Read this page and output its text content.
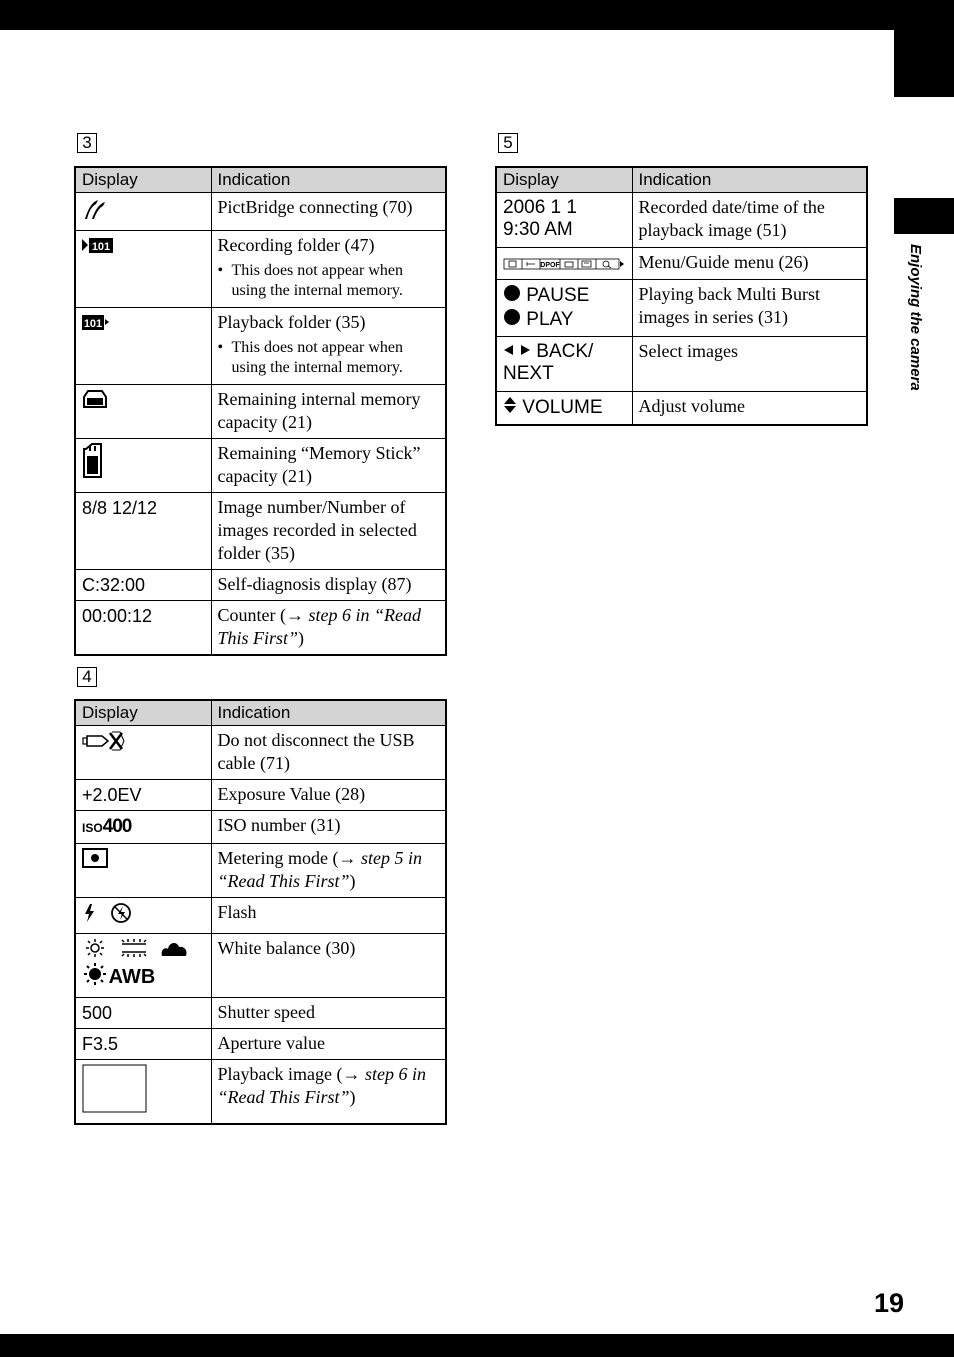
Enjoying the camera
19
3
Display	Indication
	PictBridge connecting (70)

101	Recording folder (47)
• This does not appear when using the internal memory.

101	Playback folder (35)
• This does not appear when using the internal memory.

	Remaining internal memory capacity (21)
	Remaining “Memory Stick” capacity (21)
8/8 12/12	Image number/Number of images recorded in selected folder (35)
C:32:00	Self-diagnosis display (87)
00:00:12	Counter (→ step 6 in “Read This First”)
4
Display	Indication
	Do not disconnect the USB cable (71)
+2.0EV	Exposure Value (28)
ISO400	ISO number (31)
	Metering mode (→ step 5 in “Read This First”)
	Flash

AWB	White balance (30)
500	Shutter speed
F3.5	Aperture value
	Playback image (→ step 6 in “Read This First”)
5
Display	Indication

2006 1 1
9:30 AM	Recorded date/time of the playback image (51)

DPOF	Menu/Guide menu (26)

PAUSE
PLAY	Playing back Multi Burst images in series (31)

BACK/
NEXT	Select images
VOLUME	Adjust volume
